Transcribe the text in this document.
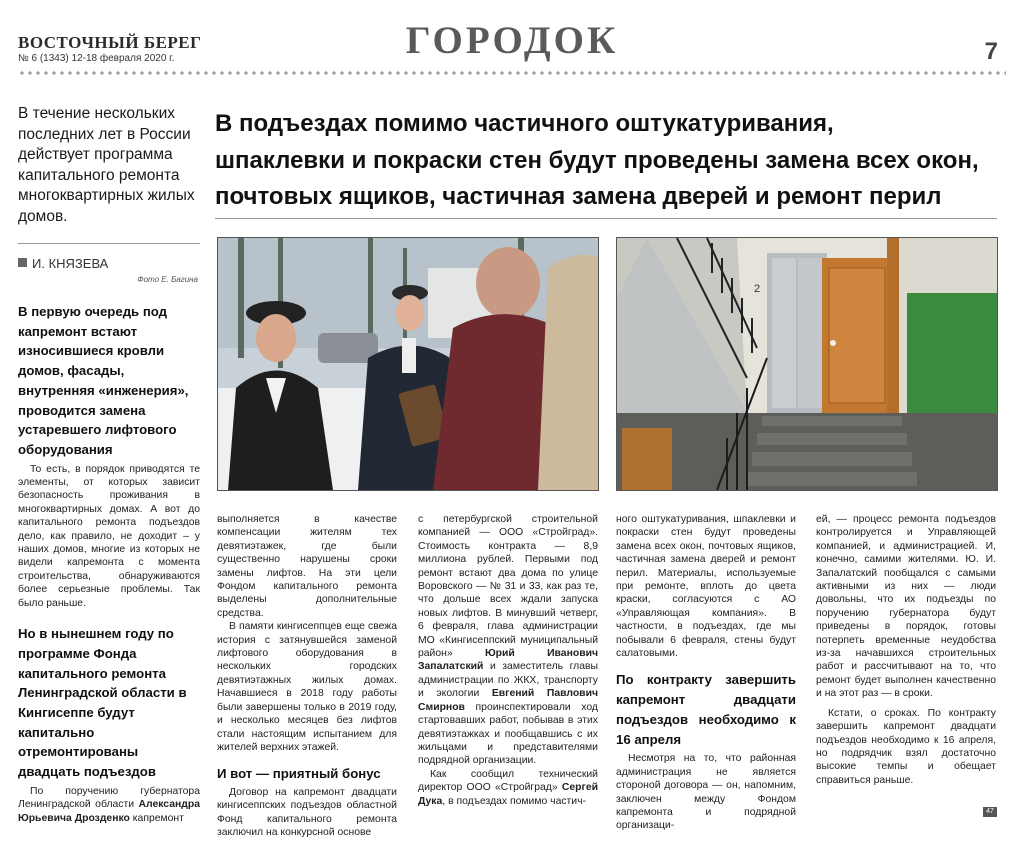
ВОСТОЧНЫЙ БЕРЕГ
№ 6 (1343) 12-18 февраля 2020 г.	ГОРОДОК	7
В течение нескольких последних лет в России действует программа капитального ремонта многоквартирных жилых домов.
И. КНЯЗЕВА
Фото Е. Багина
В первую очередь под капремонт встают износившиеся кровли домов, фасады, внутренняя «инженерия», проводится замена устаревшего лифтового оборудования

То есть, в порядок приводятся те элементы, от которых зависит безопасность проживания в многоквартирных домах. А вот до капитального ремонта подъездов дело, как правило, не доходит – у наших домов, многие из которых не видели капремонта с момента строительства, обнаруживаются более серьезные проблемы. Так было раньше.

Но в нынешнем году по программе Фонда капитального ремонта Ленинградской области в Кингисеппе будут капитально отремонтированы двадцать подъездов

По поручению губернатора Ленинградской области Александра Юрьевича Дрозденко капремонт

В подъездах помимо частичного оштукатуривания,
шпаклевки и покраски стен будут проведены замена всех окон,
почтовых ящиков, частичная замена дверей и ремонт перил
2

выполняется в качестве компенсации жителям тех девятиэтажек, где были существенно нарушены сроки замены лифтов. На эти цели Фондом капитального ремонта выделены дополнительные средства.

В памяти кингисеппцев еще свежа история с затянувшейся заменой лифтового оборудования в нескольких городских девятиэтажных жилых домах. Начавшиеся в 2018 году работы были завершены только в 2019 году, и несколько месяцев без лифтов стали настоящим испытанием для жителей верхних этажей.

И вот — приятный бонус

Договор на капремонт двадцати кингисеппских подъездов областной Фонд капитального ремонта заключил на конкурсной основе

с петербургской строительной компанией — ООО «Стройград». Стоимость контракта — 8,9 миллиона рублей. Первыми под ремонт встают два дома по улице Воровского — № 31 и 33, как раз те, что дольше всех ждали запуска новых лифтов. В минувший четверг, 6 февраля, глава администрации МО «Кингисеппский муниципальный район» Юрий Иванович Запалатский и заместитель главы администрации по ЖКХ, транспорту и экологии Евгений Павлович Смирнов проинспектировали ход стартовавших работ, побывав в этих девятиэтажках и пообщавшись с их жильцами и представителями подрядной организации.

Как сообщил технический директор ООО «Стройград» Сергей Дука, в подъездах помимо частич-

ного оштукатуривания, шпаклевки и покраски стен будут проведены замена всех окон, почтовых ящиков, частичная замена дверей и ремонт перил. Материалы, используемые при ремонте, вплоть до цвета краски, согласуются с АО «Управляющая компания». В частности, в подъездах, где мы побывали 6 февраля, стены будут салатовыми.

По контракту завершить капремонт двадцати подъездов необходимо к 16 апреля

Несмотря на то, что районная администрация не является стороной договора — он, напомним, заключен между Фондом капремонта и подрядной организаци-

ей, — процесс ремонта подъездов контролируется и Управляющей компанией, и администрацией. И, конечно, самими жителями. Ю. И. Запалатский пообщался с самыми активными из них — люди довольны, что их подъезды по поручению губернатора будут приведены в порядок, готовы потерпеть временные неудобства из-за начавшихся строительных работ и рассчитывают на то, что ремонт будет выполнен качественно и на этот раз — в сроки.

Кстати, о сроках. По контракту завершить капремонт двадцати подъездов необходимо к 16 апреля, но подрядчик взял достаточно высокие темпы и обещает справиться раньше.

47
